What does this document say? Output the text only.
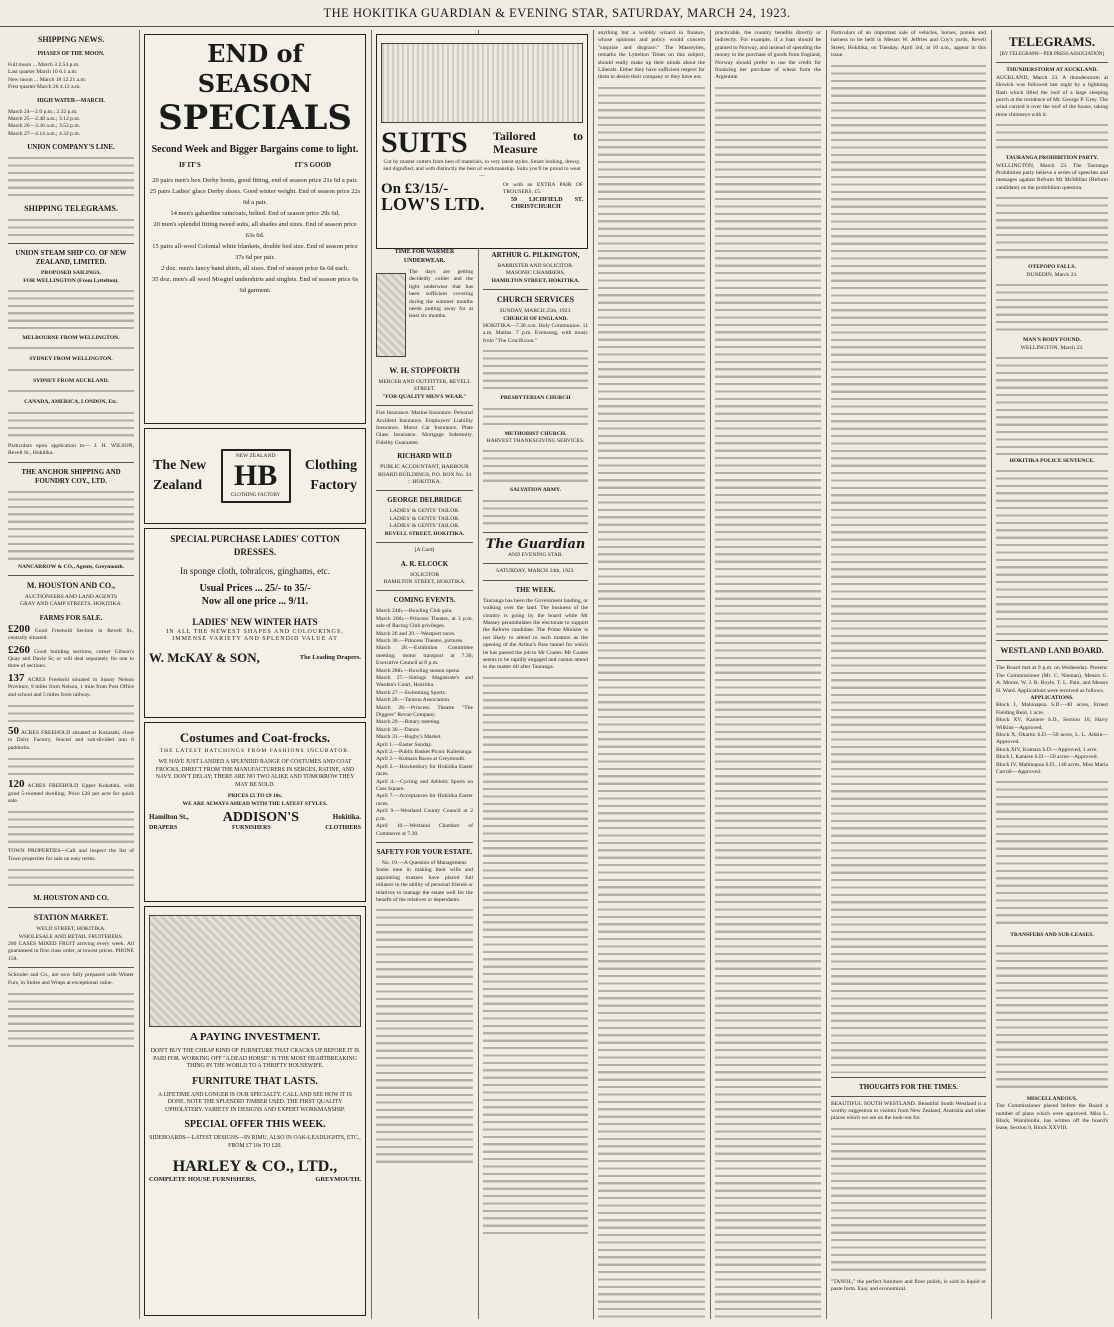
THE HOKITIKA GUARDIAN & EVENING STAR, SATURDAY, MARCH 24, 1923.
SHIPPING NEWS.
PHASES OF THE MOON.
Full moon ... March 3 2.54 p.m.
Last quarter March 10 6.1 a.m.
New moon ... March 18 12.21 a.m.
First quarter March 26 4.12 a.m.
HIGH WATER—MARCH.
March 24—2.0 p.m.; 2.32 p.m.
March 25—2.48 a.m.; 3.12 p.m.
March 26—3.36 a.m.; 3.52 p.m.
March 27—4.14 a.m.; 4.32 p.m.
UNION COMPANY'S LINE.
SHIPPING TELEGRAMS.
UNION STEAM SHIP CO. OF NEW ZEALAND, LIMITED.
PROPOSED SAILINGS.
FOR WELLINGTON (From Lyttelton).
MELBOURNE FROM WELLINGTON.
SYDNEY FROM WELLINGTON.
SYDNEY FROM AUCKLAND.
CANADA, AMERICA, LONDON, Etc.
Particulars upon application to— J. H. WILSON, Revell St., Hokitika.
THE ANCHOR SHIPPING AND FOUNDRY COY., LTD.
NANCARROW & CO., Agents, Greymouth.
M. HOUSTON AND CO.,
AUCTIONEERS AND LAND AGENTS
GRAY AND CAMP STREETS, HOKITIKA.
FARMS FOR SALE.
£200 Good Freehold Section in Revell St., centrally situated.
£260 Good building sections, corner Gibson's Quay and Davie St; or will deal separately for one to three of sections.
137 ACRES Freehold situated in Sunny Nelson Province, 9 miles from Nelson, 1 mile from Post Office and school and 5 miles from railway.
50 ACRES FREEHOLD situated at Kokatahi, close to Dairy Factory, fenced and sub-divided into 6 paddocks.
120 ACRES FREEHOLD Upper Kokatahi, with good 5-roomed dwelling. Price £20 per acre for quick sale.
TOWN PROPERTIES—Call and inspect the list of Town properties for sale on easy terms.
M. HOUSTON AND CO.
STATION MARKET.
WELD STREET, HOKITIKA.
WHOLESALE AND RETAIL FRUITERERS.
200 CASES MIXED FRUIT arriving every week. All guaranteed in first class order, at lowest prices. PHONE 158.
Schroder and Co., are now fully prepared with Winter Furs, in Stoles and Wraps at exceptional value.
END of SEASON
SPECIALS
Second Week and Bigger Bargains come to light.
IF IT'S	IT'S GOOD
20 pairs men's box Derby boots, good fitting, end of season price 21s 6d a pair.
25 pairs Ladies' glace Derby shoes. Good winter weight. End of season price 22s 6d a pair.
14 men's gabardine raincoats, belted. End of season price 29s 6d.
20 men's splendid fitting tweed suits, all shades and sizes. End of season price 63s 6d.
15 pairs all-wool Colonial white blankets, double bed size. End of season price 37s 6d per pair.
2 doz. men's fancy band shirts, all sizes. End of season price 6s 6d each.
35 doz. men's all wool Mosgiel undershirts and singlets. End of season price 6s 6d garment.
The New
Zealand
NEW ZEALAND
HB
CLOTHING FACTORY
Clothing
Factory
SPECIAL PURCHASE LADIES' COTTON DRESSES.
In sponge cloth, tobralcos, ginghams, etc.
Usual Prices ... 25/- to 35/-
Now all one price ... 9/11.
LADIES' NEW WINTER HATS
IN ALL THE NEWEST SHAPES AND COLOURINGS, IMMENSE VARIETY AND SPLENDID VALUE AT
W. McKAY & SON,	The Leading Drapers.
Costumes and Coat-frocks.
THE LATEST HATCHINGS FROM FASHIONS INCUBATOR.
WE HAVE JUST LANDED A SPLENDID RANGE OF COSTUMES AND COAT FROCKS, DIRECT FROM THE MANUFACTURERS IN SERGES, RATINE, AND NAVY. DON'T DELAY; THERE ARE NO TWO ALIKE AND TOMORROW THEY MAY BE SOLD.
PRICES £5 TO £9 10s.
WE ARE ALWAYS AHEAD WITH THE LATEST STYLES.
Hamilton St., ADDISON'S	Hokitika.
DRAPERS	FURNISHERS	CLOTHIERS
A PAYING INVESTMENT.
DON'T BUY THE CHEAP KIND OF FURNITURE THAT CRACKS UP BEFORE IT IS PAID FOR. WORKING OFF "A DEAD HORSE" IS THE MOST HEARTBREAKING THING IN THE WORLD TO A THRIFTY HOUSEWIFE.
FURNITURE THAT LASTS.
A LIFETIME AND LONGER IS OUR SPECIALTY. CALL AND SEE HOW IT IS DONE. NOTE THE SPLENDID TIMBER USED. THE FIRST QUALITY UPHOLSTERY. VARIETY IN DESIGNS AND EXPERT WORKMANSHIP.
SPECIAL OFFER THIS WEEK.
SIDEBOARDS—LATEST DESIGNS—IN RIMU, ALSO IN OAK-LEADLIGHTS, ETC., FROM £7 10s TO £20.
HARLEY & CO., LTD.,
COMPLETE HOUSE FURNISHERS,	GREYMOUTH.
SUITS Tailored to Measure
Cut by master cutters from best of materials, in very latest styles. Smart looking, dressy, and dignified, and with distinctly the best of workmanship. Suits you'll be proud to wear—
On £3/15/-	Or with an EXTRA PAIR OF TROUSERS, £5.
LOW'S LTD.	59 LICHFIELD ST. CHRISTCHURCH
TIME FOR WARMER UNDERWEAR.
The days are getting decidedly colder and the light underwear that has been sufficient covering during the summer months needs putting away for at least six months.
W. H. STOPFORTH
MERCER AND OUTFITTER, REVELL STREET.
"FOR QUALITY MEN'S WEAR."
Fire Insurance. Marine Insurance. Personal Accident Insurance. Employers' Liability Insurance. Motor Car Insurance. Plate Glass Insurance. Mortgage Indemnity. Fidelity Guarantee.
RICHARD WILD
PUBLIC ACCOUNTANT, HARBOUR BOARD BUILDINGS, P.O. BOX No. 34 :: HOKITIKA.
GEORGE DELBRIDGE
LADIES' & GENTS' TAILOR.
LADIES' & GENTS' TAILOR.
LADIES' & GENTS' TAILOR.
REVELL STREET, HOKITIKA.
[A Card]
A. R. ELCOCK
SOLICITOR
HAMILTON STREET, HOKITIKA.
COMING EVENTS.
March 24th.—Bowling Club gala.
March 26th.—Princess Theatre, at 3 p.m. sale of Racing Club privileges.
March 26 and 29.—Westport races.
March 30.—Princess Theatre, pictures.
March 28.—Exhibition Committee meeting; motor transport at 7.30; Executive Council at 8 p.m.
March 28th.—Bowling season opens.
March 27.—Sittings Magistrate's and Warden's Court, Hokitika.
March 27.—Swimming Sports.
March 28.—Tararua Association.
March 28.—Princess Theatre "The Diggers" Revue Company.
March 29.—Rotary meeting.
March 30.—Dance.
March 31.—Rugby's Market.
April 1.—Easter Sunday.
April 2.—Public Basket Picnic Kaiteranga.
April 2.—Kumara Races at Greymouth.
April 2.—Hawkesbury for Hokitika Easter races.
April 4.—Cycling and Athletic Sports on Cass Square.
April 7.—Acceptances for Hokitika Easter races.
April 9.—Westland County Council at 2 p.m.
April 10.—Westland Chamber of Commerce at 7.30.
SAFETY FOR YOUR ESTATE.
No. 19.—A Question of Management.
Some men in making their wills and appointing trustees have placed full reliance in the ability of personal friends or relatives to manage the estate well for the benefit of the relatives or dependants.
ARTHUR G. PILKINGTON,
BARRISTER AND SOLICITOR.
MASONIC CHAMBERS,
HAMILTON STREET, HOKITIKA.
CHURCH SERVICES
SUNDAY, MARCH 25th, 1923.
CHURCH OF ENGLAND.
HOKITIKA—7.30 a.m. Holy Communion. 11 a.m. Matins. 7 p.m. Evensong, with music from "The Crucifixion."
PRESBYTERIAN CHURCH
METHODIST CHURCH.
HARVEST THANKSGIVING SERVICES.
SALVATION ARMY.
The Guardian
AND EVENING STAR.
SATURDAY, MARCH 24th, 1923.
THE WEEK.
Tauranga has been the Government landing, or walking over the land. The business of the country is going by the board while Mr Massey perambulates the electorate to support the Reform candidate. The Prime Minister is not likely to attend to such matters as the opening of the Arthur's Pass tunnel for which he has passed the job to Mr Coates. Mr Coates seems to be rapidly engaged and cannot attend to the matter till after Tauranga.
anything but a wobbly wizard in finance, whose opinions and policy would concern "surprise and disgrace." The Masseyites, remarks the Lyttelton Times on this subject, should really make up their minds about the Liberals. Either they have sufficient respect for them to desire their company or they have not.
practicable, the country benefits directly or indirectly. For example, if a loan should be granted to Norway, and instead of spending the money in the purchase of goods from England, Norway should prefer to use the credit for financing her purchase of wheat from the Argentine.
Particulars of an important sale of vehicles, horses, ponies and harness to be held in Messrs W. Jeffries and Coy's yards, Revell Street, Hokitika, on Tuesday, April 3rd, at 10 a.m., appear in this issue.
THOUGHTS FOR THE TIMES.
BEAUTIFUL SOUTH WESTLAND. Beautiful South Westland is a worthy suggestion to visitors from New Zealand, Australia and other places which we are on the look-out for.
"TANOL," the perfect furniture and floor polish, is sold in liquid or paste form. Easy and economical.
TELEGRAMS.
[BY TELEGRAPH—PER PRESS ASSOCIATION]
THUNDERSTORM AT AUCKLAND.
AUCKLAND, March 23. A thunderstorm at Howick was followed last night by a lightning flash which lifted the roof of a large sleeping porch at the residence of Mr. George P. Grey. The wind carried it over the roof of the house, taking three chimneys with it.
TAURANGA PROHIBITION PARTY.
WELLINGTON, March 23. The Tauranga Prohibition party believe a series of speeches and messages against Reform Mr McMillan (Reform candidate) on the prohibition question.
OTEPOPO FALLS.
DUNEDIN, March 23.
MAN'S BODY FOUND.
WELLINGTON, March 23.
HOKITIKA POLICE SENTENCE.
WESTLAND LAND BOARD.
The Board met at 9 p.m. on Wednesday. Present: The Commissioner (Mr. C. Nieman), Messrs G. A. Moore, W. J. R. Boyle, T. L. Pain, and Messrs H. Ward. Applications were received as follows.
APPLICATIONS.
Block I, Mahinapua S.D.—40 acres, Ernest Fielding Reid, 1 acre.
Block XV, Kaniere S.D., Section 10, Harry Wilkins—Approved.
Block X, Okarito S.D.—50 acres, L. L. Aitkin—Approved.
Block XIV, Kumara S.D.—Approved, 1 acre.
Block I, Kaniere S.D.—50 acres—Approved.
Block IV, Mahinapua S.D., 140 acres, Miss Maria Carroll—Approved.
TRANSFERS AND SUB-LEASES.
MISCELLANEOUS.
The Commissioner placed before the Board a number of plans which were approved. Miss L. Black, Wainihinihi, has written off the board's lease, Section 9, Block XXVIII.
